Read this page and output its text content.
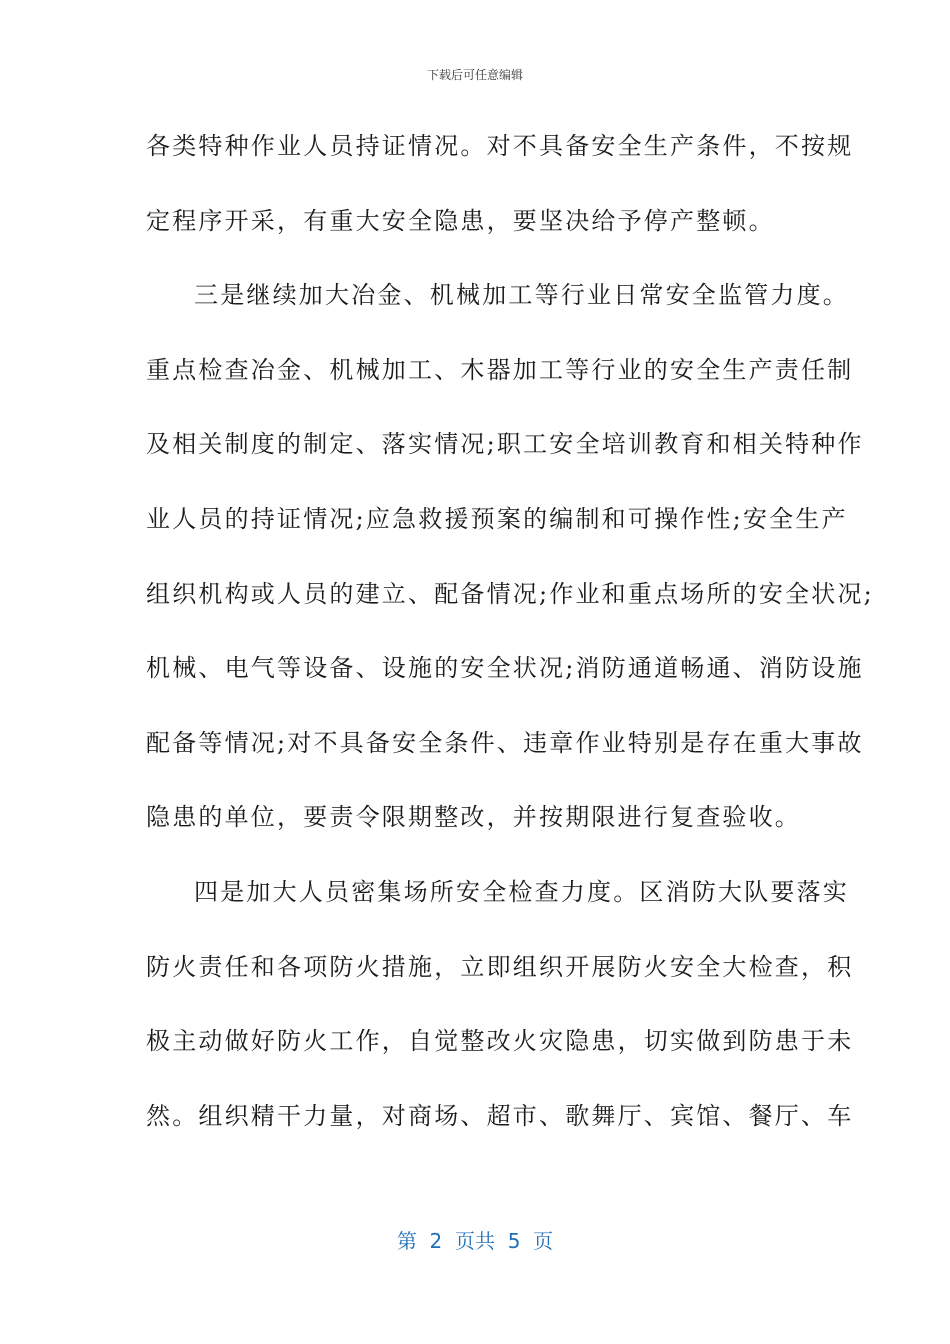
下载后可任意编辑
各类特种作业人员持证情况。对不具备安全生产条件，不按规
定程序开采，有重大安全隐患，要坚决给予停产整顿。
三是继续加大冶金、机械加工等行业日常安全监管力度。
重点检查冶金、机械加工、木器加工等行业的安全生产责任制
及相关制度的制定、落实情况;职工安全培训教育和相关特种作
业人员的持证情况;应急救援预案的编制和可操作性;安全生产
组织机构或人员的建立、配备情况;作业和重点场所的安全状况;
机械、电气等设备、设施的安全状况;消防通道畅通、消防设施
配备等情况;对不具备安全条件、违章作业特别是存在重大事故
隐患的单位，要责令限期整改，并按期限进行复查验收。
四是加大人员密集场所安全检查力度。区消防大队要落实
防火责任和各项防火措施，立即组织开展防火安全大检查，积
极主动做好防火工作，自觉整改火灾隐患，切实做到防患于未
然。组织精干力量，对商场、超市、歌舞厅、宾馆、餐厅、车
第  2  页共  5  页
